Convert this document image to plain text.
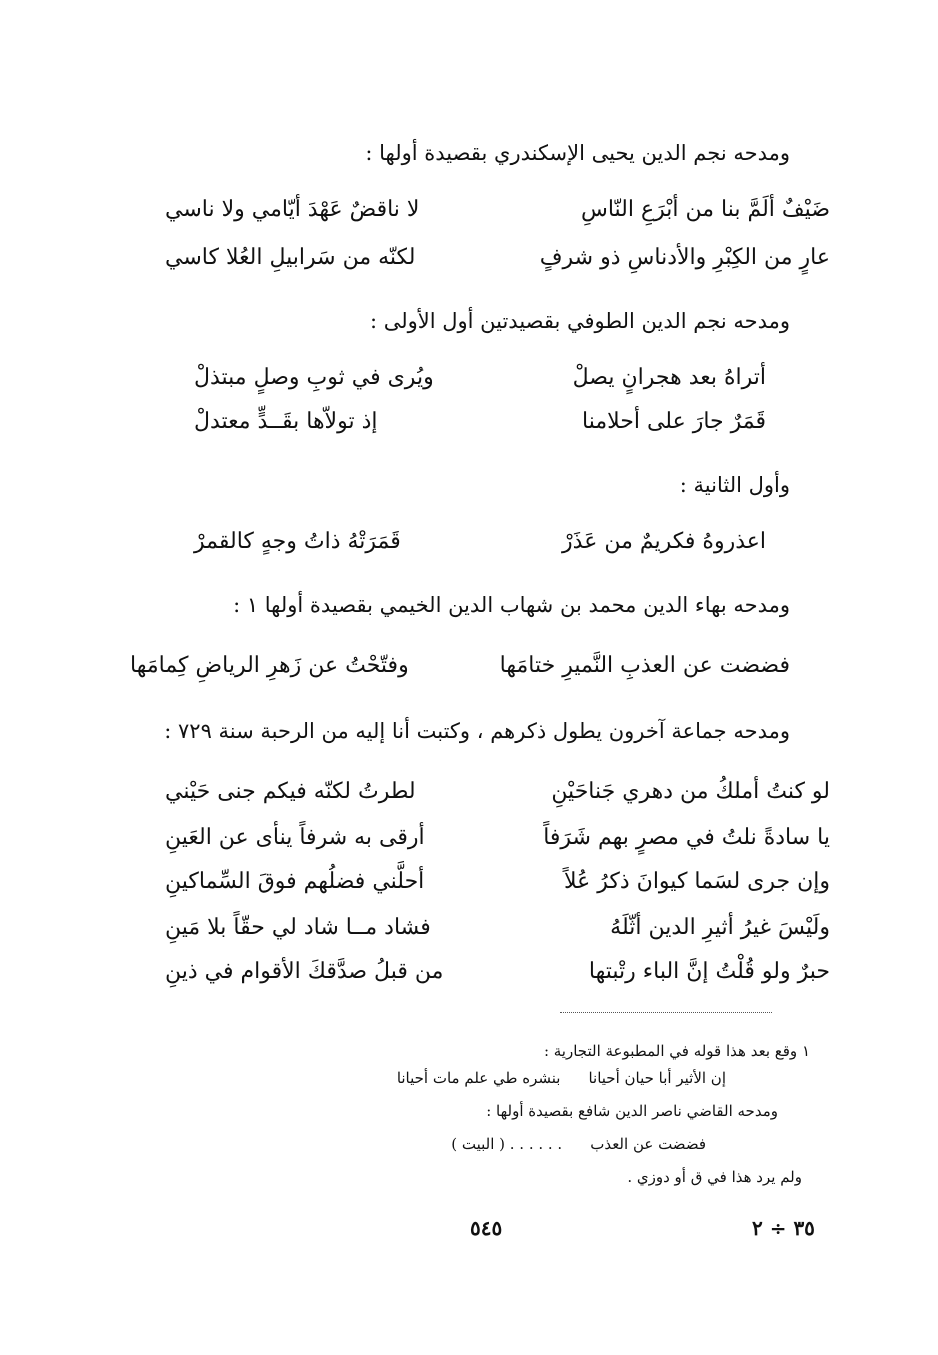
ومدحه نجم الدين يحيى الإسكندري بقصيدة أولها :
ضَيْفٌ ألَمَّ بنا من أبْرَعِ النّاسِ
لا ناقضٌ عَهْدَ أيّامي ولا ناسي
عارٍ من الكِبْرِ والأدناسِ ذو شرفٍ
لكنّه من سَرابيلِ العُلا كاسي
ومدحه نجم الدين الطوفي بقصيدتين أول الأولى :
أتراهُ بعد هجرانٍ يصلْ
ويُرى في ثوبِ وصلٍ مبتذلْ
قَمَرٌ جارَ على أحلامنا
إذ تولاّها بقَــدٍّ معتدلْ
وأول الثانية :
اعذروهُ فكريمٌ من عَذَرْ
قَمَرَتْهُ ذاتُ وجهٍ كالقمرْ
ومدحه بهاء الدين محمد بن شهاب الدين الخيمي بقصيدة أولها ١ :
فضضت عن العذبِ النَّميرِ ختامَها
وفتّحْتُ عن زَهرِ الرياضِ كِمامَها
ومدحه جماعة آخرون يطول ذكرهم ، وكتبت أنا إليه من الرحبة سنة ٧٢٩ :
لو كنتُ أملكُ من دهري جَناحَيْنِ
لطرتُ لكنّه فيكم جنى حَيْني
يا سادةً نلتُ في مصرٍ بهم شَرَفاً
أرقى به شرفاً ينأى عن العَينِ
وإن جرى لسَما كيوانَ ذكرُ عُلاً
أحلَّني فضلُهم فوقَ السِّماكينِ
ولَيْسَ غيرُ أثيرِ الدين أثّلَهُ
فشاد مــا شاد لي حقّاً بلا مَينِ
حبرٌ ولو قُلْتُ إنَّ الباء رتْبتها
من قبلُ صدَّقكَ الأقوام في ذينِ
١ وقع بعد هذا قوله في المطبوعة التجارية :
إن الأثير أبا حيان أحيانا
بنشره طي علم مات أحيانا
ومدحه القاضي ناصر الدين شافع بقصيدة أولها :
فضضت عن العذب
. . . . . . ( البيت )
ولم يرد هذا في ق أو دوزي .
٥٤٥	٣٥ ÷ ٢
